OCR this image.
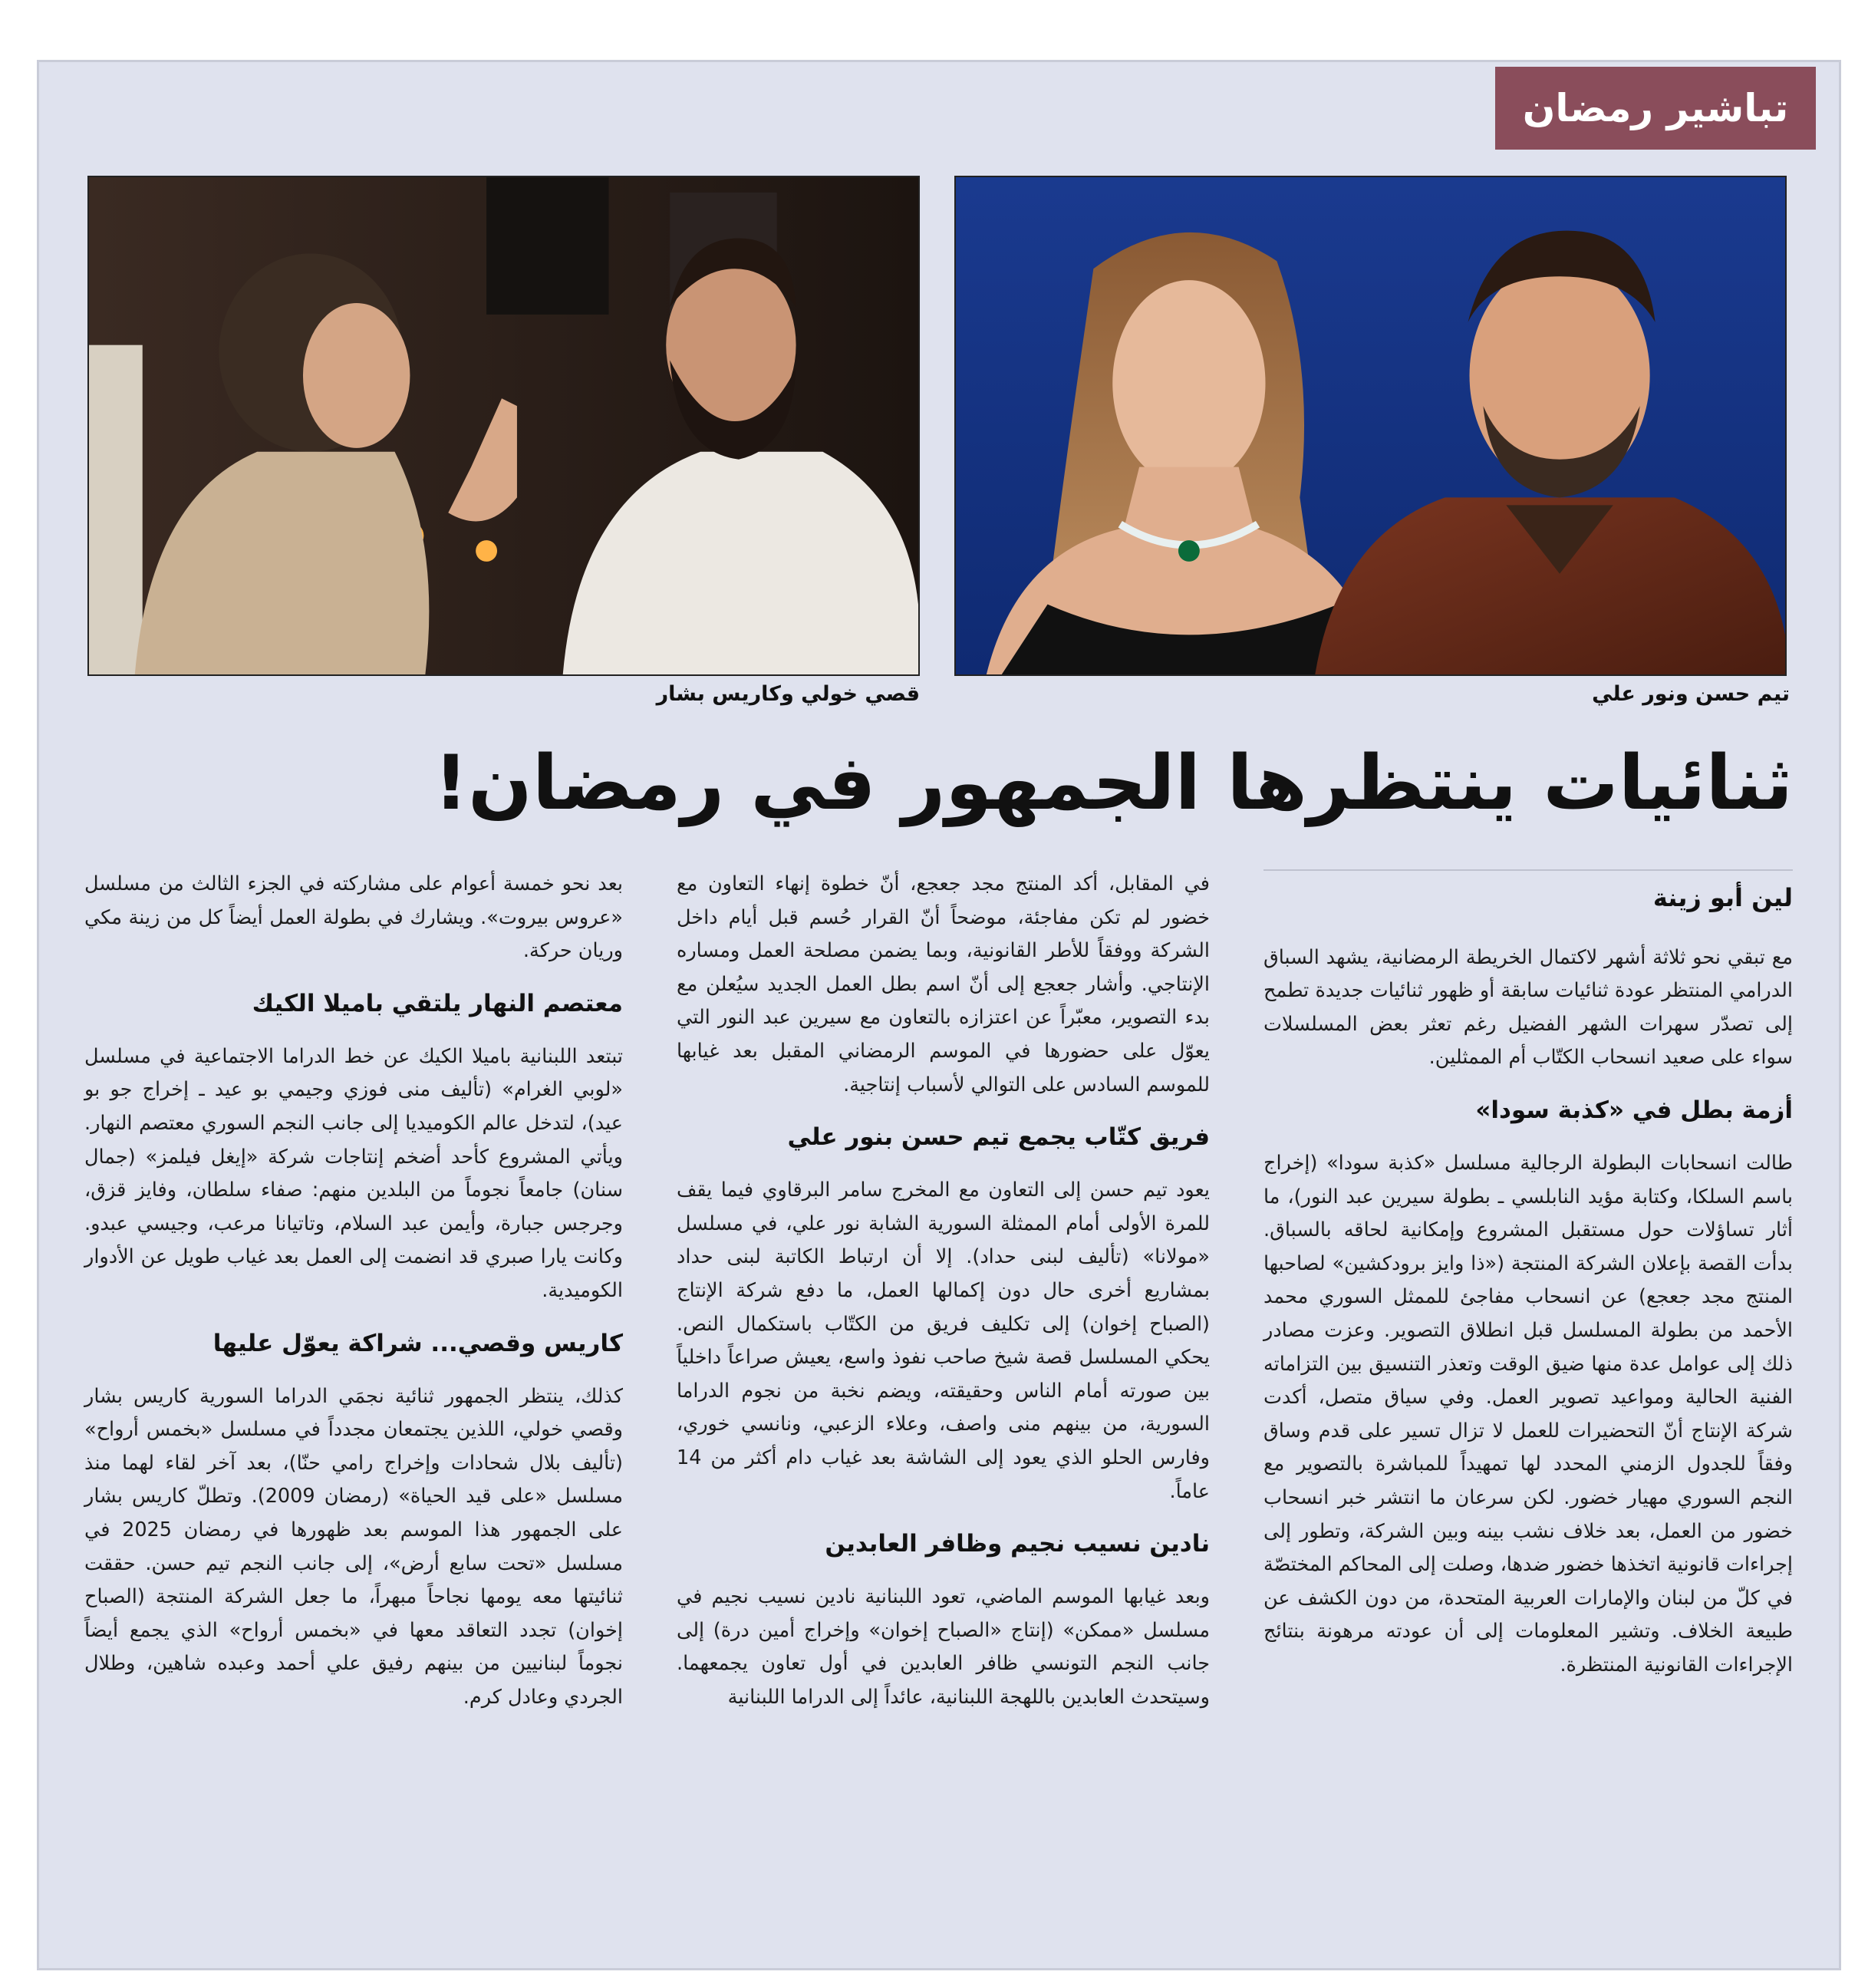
تباشير رمضان
تيم حسن ونور علي
قصي خولي وكاريس بشار
ثنائيات ينتظرها الجمهور في رمضان!
لين أبو زينة

مع تبقي نحو ثلاثة أشهر لاكتمال الخريطة الرمضانية، يشهد السباق الدرامي المنتظر عودة ثنائيات سابقة أو ظهور ثنائيات جديدة تطمح إلى تصدّر سهرات الشهر الفضيل رغم تعثر بعض المسلسلات سواء على صعيد انسحاب الكتّاب أم الممثلين.

أزمة بطل في «كذبة سودا»

طالت انسحابات البطولة الرجالية مسلسل «كذبة سودا» (إخراج باسم السلكا، وكتابة مؤيد النابلسي ـ بطولة سيرين عبد النور)، ما أثار تساؤلات حول مستقبل المشروع وإمكانية لحاقه بالسباق. بدأت القصة بإعلان الشركة المنتجة («ذا وايز برودكشين» لصاحبها المنتج مجد جعجع) عن انسحاب مفاجئ للممثل السوري محمد الأحمد من بطولة المسلسل قبل انطلاق التصوير. وعزت مصادر ذلك إلى عوامل عدة منها ضيق الوقت وتعذر التنسيق بين التزاماته الفنية الحالية ومواعيد تصوير العمل. وفي سياق متصل، أكدت شركة الإنتاج أنّ التحضيرات للعمل لا تزال تسير على قدم وساق وفقاً للجدول الزمني المحدد لها تمهيداً للمباشرة بالتصوير مع النجم السوري مهيار خضور. لكن سرعان ما انتشر خبر انسحاب خضور من العمل، بعد خلاف نشب بينه وبين الشركة، وتطور إلى إجراءات قانونية اتخذها خضور ضدها، وصلت إلى المحاكم المختصّة في كلّ من لبنان والإمارات العربية المتحدة، من دون الكشف عن طبيعة الخلاف. وتشير المعلومات إلى أن عودته مرهونة بنتائج الإجراءات القانونية المنتظرة.

في المقابل، أكد المنتج مجد جعجع، أنّ خطوة إنهاء التعاون مع خضور لم تكن مفاجئة، موضحاً أنّ القرار حُسم قبل أيام داخل الشركة ووفقاً للأطر القانونية، وبما يضمن مصلحة العمل ومساره الإنتاجي. وأشار جعجع إلى أنّ اسم بطل العمل الجديد سيُعلن مع بدء التصوير، معبّراً عن اعتزازه بالتعاون مع سيرين عبد النور التي يعوّل على حضورها في الموسم الرمضاني المقبل بعد غيابها للموسم السادس على التوالي لأسباب إنتاجية.

فريق كتّاب يجمع تيم حسن بنور علي

يعود تيم حسن إلى التعاون مع المخرج سامر البرقاوي فيما يقف للمرة الأولى أمام الممثلة السورية الشابة نور علي، في مسلسل «مولانا» (تأليف لبنى حداد). إلا أن ارتباط الكاتبة لبنى حداد بمشاريع أخرى حال دون إكمالها العمل، ما دفع شركة الإنتاج (الصباح إخوان) إلى تكليف فريق من الكتّاب باستكمال النص. يحكي المسلسل قصة شيخ صاحب نفوذ واسع، يعيش صراعاً داخلياً بين صورته أمام الناس وحقيقته، ويضم نخبة من نجوم الدراما السورية، من بينهم منى واصف، وعلاء الزعبي، ونانسي خوري، وفارس الحلو الذي يعود إلى الشاشة بعد غياب دام أكثر من 14 عاماً.

نادين نسيب نجيم وظافر العابدين

وبعد غيابها الموسم الماضي، تعود اللبنانية نادين نسيب نجيم في مسلسل «ممكن» (إنتاج «الصباح إخوان» وإخراج أمين درة) إلى جانب النجم التونسي ظافر العابدين في أول تعاون يجمعهما. وسيتحدث العابدين باللهجة اللبنانية، عائداً إلى الدراما اللبنانية

بعد نحو خمسة أعوام على مشاركته في الجزء الثالث من مسلسل «عروس بيروت». ويشارك في بطولة العمل أيضاً كل من زينة مكي وريان حركة.

معتصم النهار يلتقي باميلا الكيك

تبتعد اللبنانية باميلا الكيك عن خط الدراما الاجتماعية في مسلسل «لوبي الغرام» (تأليف منى فوزي وجيمي بو عيد ـ إخراج جو بو عيد)، لتدخل عالم الكوميديا إلى جانب النجم السوري معتصم النهار. ويأتي المشروع كأحد أضخم إنتاجات شركة «إيغل فيلمز» (جمال سنان) جامعاً نجوماً من البلدين منهم: صفاء سلطان، وفايز قزق، وجرجس جبارة، وأيمن عبد السلام، وتاتيانا مرعب، وجيسي عبدو. وكانت يارا صبري قد انضمت إلى العمل بعد غياب طويل عن الأدوار الكوميدية.

كاريس وقصي... شراكة يعوّل عليها

كذلك، ينتظر الجمهور ثنائية نجمَي الدراما السورية كاريس بشار وقصي خولي، اللذين يجتمعان مجدداً في مسلسل «بخمس أرواح» (تأليف بلال شحادات وإخراج رامي حنّا)، بعد آخر لقاء لهما منذ مسلسل «على قيد الحياة» (رمضان 2009). وتطلّ كاريس بشار على الجمهور هذا الموسم بعد ظهورها في رمضان 2025 في مسلسل «تحت سابع أرض»، إلى جانب النجم تيم حسن. حققت ثنائيتها معه يومها نجاحاً مبهراً، ما جعل الشركة المنتجة (الصباح إخوان) تجدد التعاقد معها في «بخمس أرواح» الذي يجمع أيضاً نجوماً لبنانيين من بينهم رفيق علي أحمد وعبده شاهين، وطلال الجردي وعادل كرم.
